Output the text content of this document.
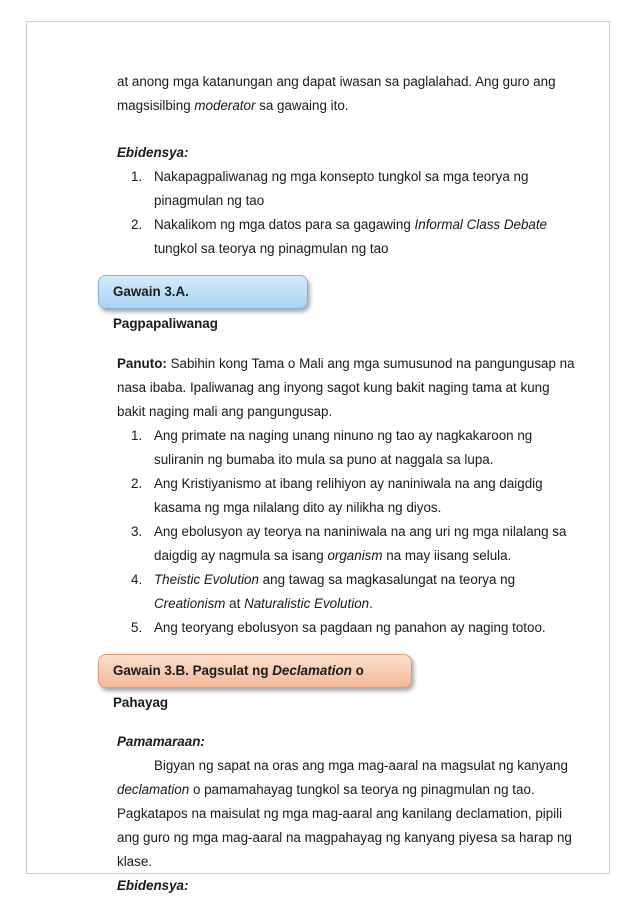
at anong mga katanungan ang dapat iwasan sa paglalahad. Ang guro ang
magsisilbing moderator sa gawaing ito.
Ebidensya:
1. Nakapagpaliwanag ng mga konsepto tungkol sa mga teorya ng
pinagmulan ng tao
2. Nakalikom ng mga datos para sa gagawing Informal Class Debate
tungkol sa teorya ng pinagmulan ng tao
Gawain 3.A. Pagpapaliwanag
Panuto: Sabihin kong Tama o Mali ang mga sumusunod na pangungusap na
nasa ibaba. Ipaliwanag ang inyong sagot kung bakit naging tama at kung
bakit naging mali ang pangungusap.
1. Ang primate na naging unang ninuno ng tao ay nagkakaroon ng
suliranin ng bumaba ito mula sa puno at naggala sa lupa.
2. Ang Kristiyanismo at ibang relihiyon ay naniniwala na ang daigdig
kasama ng mga nilalang dito ay nilikha ng diyos.
3. Ang ebolusyon ay teorya na naniniwala na ang uri ng mga nilalang sa
daigdig ay nagmula sa isang organism na may iisang selula.
4. Theistic Evolution ang tawag sa magkasalungat na teorya ng
Creationism at Naturalistic Evolution.
5. Ang teoryang ebolusyon sa pagdaan ng panahon ay naging totoo.
Gawain 3.B. Pagsulat ng Declamation o Pahayag
Pamamaraan:
Bigyan ng sapat na oras ang mga mag-aaral na magsulat ng kanyang
declamation o pamamahayag tungkol sa teorya ng pinagmulan ng tao.
Pagkatapos na maisulat ng mga mag-aaral ang kanilang declamation, pipili
ang guro ng mga mag-aaral na magpahayag ng kanyang piyesa sa harap ng
klase.
Ebidensya:
